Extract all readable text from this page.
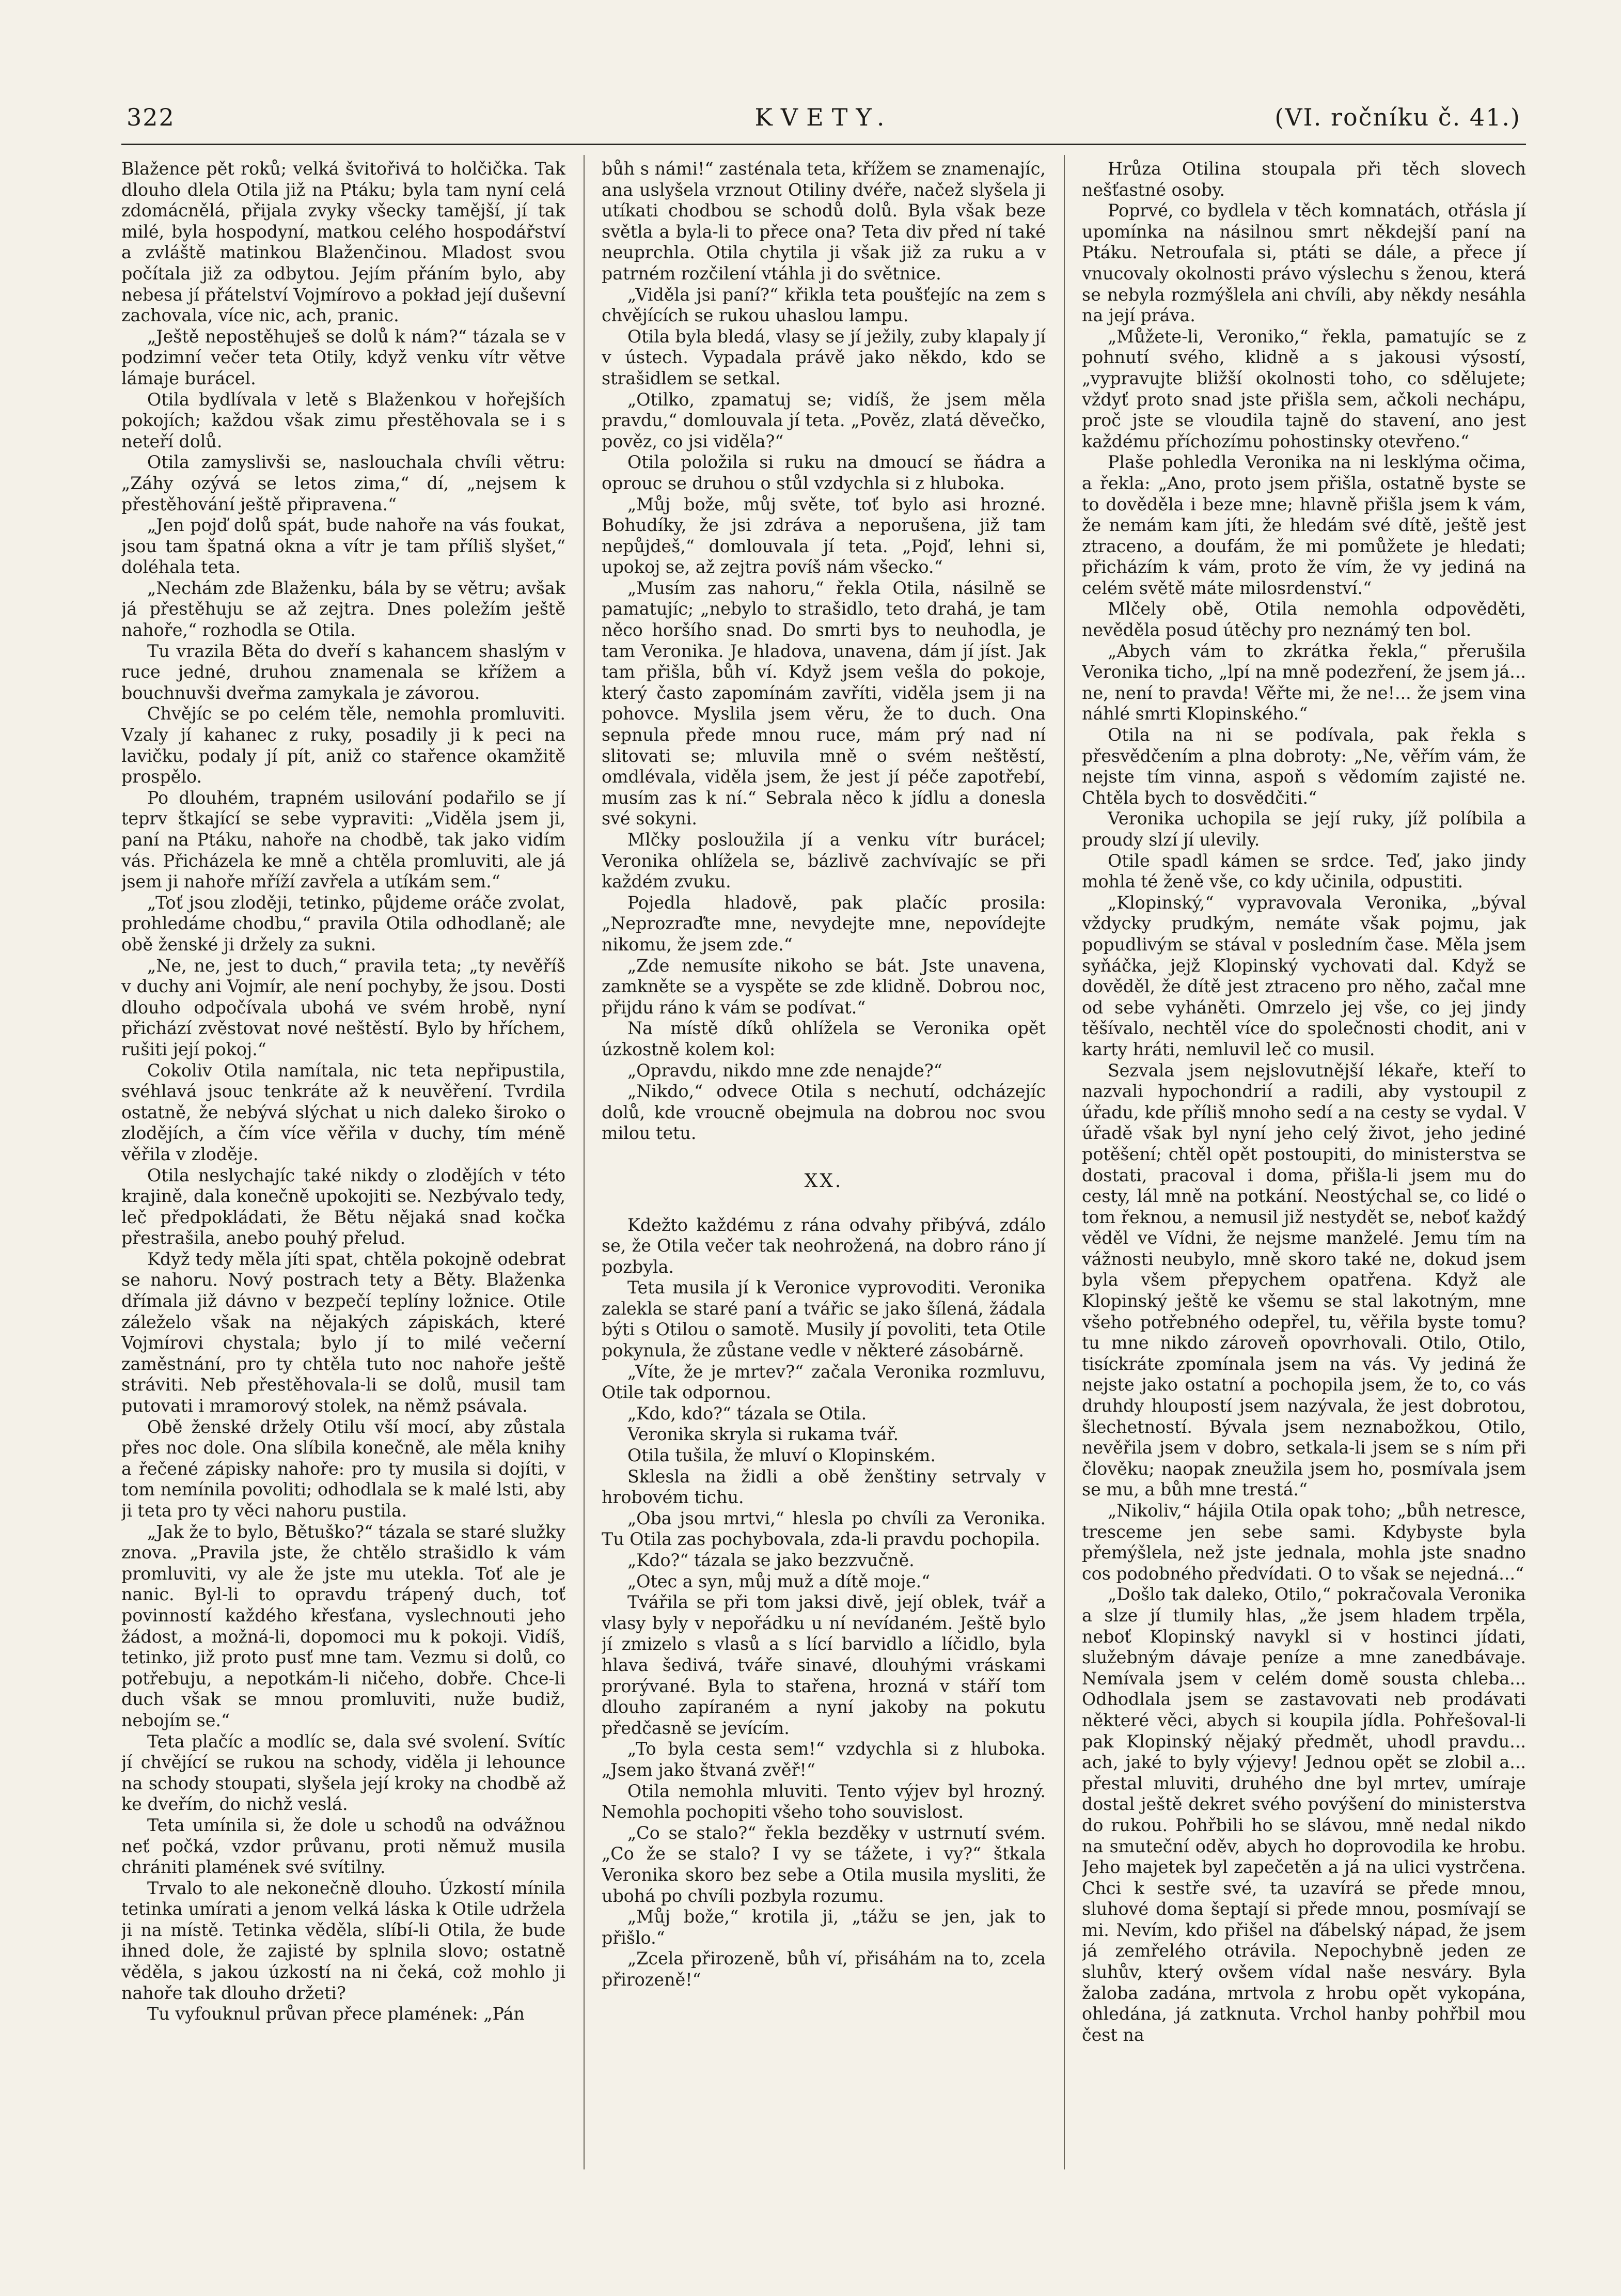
322	KVETY.	(VI. ročníku č. 41.)

Blažence pět roků; velká švitořivá to holčička. Tak dlouho dlela Otila již na Ptáku; byla tam nyní celá zdomácnělá, přijala zvyky všecky tamější, jí tak milé, byla hospodyní, matkou celého hospodářství a zvláště matinkou Blaženčinou. Mladost svou počítala již za odbytou. Jejím přáním bylo, aby nebesa jí přátelství Vojmírovo a pokład její duševní zachovala, více nic, ach, pranic.

„Ještě nepostěhuješ se dolů k nám?“ tázala se v podzimní večer teta Otily, když venku vítr větve lámaje burácel.

Otila bydlívala v letě s Blaženkou v hořejších pokojích; každou však zimu přestěhovala se i s neteří dolů.

Otila zamyslivši se, naslouchala chvíli větru: „Záhy ozývá se letos zima,“ dí, „nejsem k přestěhování ještě připravena.“

„Jen pojď dolů spát, bude nahoře na vás foukat, jsou tam špatná okna a vítr je tam příliš slyšet,“ doléhala teta.

„Nechám zde Blaženku, bála by se větru; avšak já přestěhuju se až zejtra. Dnes poležím ještě nahoře,“ rozhodla se Otila.

Tu vrazila Běta do dveří s kahancem shaslým v ruce jedné, druhou znamenala se křížem a bouchnuvši dveřma zamykala je závorou.

Chvějíc se po celém těle, nemohla promluviti. Vzaly jí kahanec z ruky, posadily ji k peci na lavičku, podaly jí pít, aniž co stařence okamžitě prospělo.

Po dlouhém, trapném usilování podařilo se jí teprv štkající se sebe vypraviti: „Viděla jsem ji, paní na Ptáku, nahoře na chodbě, tak jako vidím vás. Přicházela ke mně a chtěla promluviti, ale já jsem ji nahoře mříží zavřela a utíkám sem.“

„Toť jsou zloději, tetinko, půjdeme oráče zvolat, prohledáme chodbu,“ pravila Otila odhodlaně; ale obě ženské ji držely za sukni.

„Ne, ne, jest to duch,“ pravila teta; „ty nevěříš v duchy ani Vojmír, ale není pochyby, že jsou. Dosti dlouho odpočívala ubohá ve svém hrobě, nyní přichází zvěstovat nové neštěstí. Bylo by hříchem, rušiti její pokoj.“

Cokoliv Otila namítala, nic teta nepřipustila, svéhlavá jsouc tenkráte až k neuvěření. Tvrdila ostatně, že nebývá slýchat u nich daleko široko o zlodějích, a čím více věřila v duchy, tím méně věřila v zloděje.

Otila neslychajíc také nikdy o zlodějích v této krajině, dala konečně upokojiti se. Nezbývalo tedy, leč předpokládati, že Bětu nějaká snad kočka přestrašila, anebo pouhý přelud.

Když tedy měla jíti spat, chtěla pokojně odebrat se nahoru. Nový postrach tety a Běty. Blaženka dřímala již dávno v bezpečí teplíny ložnice. Otile záleželo však na nějakých zápiskách, které Vojmírovi chystala; bylo jí to milé večerní zaměstnání, pro ty chtěla tuto noc nahoře ještě stráviti. Neb přestěhovala-li se dolů, musil tam putovati i mramorový stolek, na němž psávala.

Obě ženské držely Otilu vší mocí, aby zůstala přes noc dole. Ona slíbila konečně, ale měla knihy a řečené zápisky nahoře: pro ty musila si dojíti, v tom nemínila povoliti; odhodlala se k malé lsti, aby ji teta pro ty věci nahoru pustila.

„Jak že to bylo, Bětuško?“ tázala se staré služky znova. „Pravila jste, že chtělo strašidlo k vám promluviti, vy ale že jste mu utekla. Toť ale je nanic. Byl-li to opravdu trápený duch, toť povinností každého křesťana, vyslechnouti jeho žádost, a možná-li, dopomoci mu k pokoji. Vidíš, tetinko, již proto pusť mne tam. Vezmu si dolů, co potřebuju, a nepotkám-li ničeho, dobře. Chce-li duch však se mnou promluviti, nuže budiž, nebojím se.“

Teta plačíc a modlíc se, dala své svolení. Svítíc jí chvějící se rukou na schody, viděla ji lehounce na schody stoupati, slyšela její kroky na chodbě až ke dveřím, do nichž veslá.

Teta umínila si, že dole u schodů na odvážnou neť počká, vzdor průvanu, proti němuž musila chrániti plamének své svítilny.

Trvalo to ale nekonečně dlouho. Úzkostí mínila tetinka umírati a jenom velká láska k Otile udržela ji na místě. Tetinka věděla, slíbí-li Otila, že bude ihned dole, že zajisté by splnila slovo; ostatně věděla, s jakou úzkostí na ni čeká, což mohlo ji nahoře tak dlouho držeti?

Tu vyfouknul průvan přece plamének: „Pán

bůh s námi!“ zasténala teta, křížem se znamenajíc, ana uslyšela vrznout Otiliny dvéře, načež slyšela ji utíkati chodbou se schodů dolů. Byla však beze světla a byla-li to přece ona? Teta div před ní také neuprchla. Otila chytila ji však již za ruku a v patrném rozčilení vtáhla ji do světnice.

„Viděla jsi paní?“ křikla teta poušťejíc na zem s chvějících se rukou uhaslou lampu.

Otila byla bledá, vlasy se jí ježily, zuby klapaly jí v ústech. Vypadala právě jako někdo, kdo se strašidlem se setkal.

„Otilko, zpamatuj se; vidíš, že jsem měla pravdu,“ domlouvala jí teta. „Pověz, zlatá děvečko, pověz, co jsi viděla?“

Otila položila si ruku na dmoucí se ňádra a oprouc se druhou o stůl vzdychla si z hluboka.

„Můj bože, můj světe, toť bylo asi hrozné. Bohudíky, že jsi zdráva a neporušena, již tam nepůjdeš,“ domlouvala jí teta. „Pojď, lehni si, upokoj se, až zejtra povíš nám všecko.“

„Musím zas nahoru,“ řekla Otila, násilně se pamatujíc; „nebylo to strašidlo, teto drahá, je tam něco horšího snad. Do smrti bys to neuhodla, je tam Veronika. Je hladova, unavena, dám jí jíst. Jak tam přišla, bůh ví. Když jsem vešla do pokoje, který často zapomínám zavříti, viděla jsem ji na pohovce. Myslila jsem věru, že to duch. Ona sepnula přede mnou ruce, mám prý nad ní slitovati se; mluvila mně o svém neštěstí, omdlévala, viděla jsem, že jest jí péče zapotřebí, musím zas k ní.“ Sebrala něco k jídlu a donesla své sokyni.

Mlčky posloužila jí a venku vítr burácel; Veronika ohlížela se, bázlivě zachvívajíc se při každém zvuku.

Pojedla hladově, pak plačíc prosila: „Neprozraďte mne, nevydejte mne, nepovídejte nikomu, že jsem zde.“

„Zde nemusíte nikoho se bát. Jste unavena, zamkněte se a vyspěte se zde klidně. Dobrou noc, přijdu ráno k vám se podívat.“

Na místě díků ohlížela se Veronika opět úzkostně kolem kol:

„Opravdu, nikdo mne zde nenajde?“

„Nikdo,“ odvece Otila s nechutí, odcházejíc dolů, kde vroucně obejmula na dobrou noc svou milou tetu.

XX.

Kdežto každému z rána odvahy přibývá, zdálo se, že Otila večer tak neohrožená, na dobro ráno jí pozbyla.

Teta musila jí k Veronice vyprovoditi. Veronika zalekla se staré paní a tvářic se jako šílená, žádala býti s Otilou o samotě. Musily jí povoliti, teta Otile pokynula, že zůstane vedle v některé zásobárně.

„Víte, že je mrtev?“ začala Veronika rozmluvu, Otile tak odpornou.

„Kdo, kdo?“ tázala se Otila.

Veronika skryla si rukama tvář.

Otila tušila, že mluví o Klopinském.

Sklesla na židli a obě ženštiny setrvaly v hrobovém tichu.

„Oba jsou mrtvi,“ hlesla po chvíli za Veronika. Tu Otila zas pochybovala, zda-li pravdu pochopila.

„Kdo?“ tázala se jako bezzvučně.

„Otec a syn, můj muž a dítě moje.“

Tvářila se při tom jaksi divě, její oblek, tvář a vlasy byly v nepořádku u ní nevídaném. Ještě bylo jí zmizelo s vlasů a s lící barvidlo a líčidlo, byla hlava šedivá, tváře sinavé, dlouhými vráskami prorývané. Byla to stařena, hrozná v stáří tom dlouho zapíraném a nyní jakoby na pokutu předčasně se jevícím.

„To byla cesta sem!“ vzdychla si z hluboka. „Jsem jako štvaná zvěř!“

Otila nemohla mluviti. Tento výjev byl hrozný. Nemohla pochopiti všeho toho souvislost.

„Co se stalo?“ řekla bezděky v ustrnutí svém. „Co že se stalo? I vy se tážete, i vy?“ štkala Veronika skoro bez sebe a Otila musila mysliti, že ubohá po chvíli pozbyla rozumu.

„Můj bože,“ krotila ji, „tážu se jen, jak to přišlo.“

„Zcela přirozeně, bůh ví, přisáhám na to, zcela přirozeně!“

Hrůza Otilina stoupala při těch slovech nešťastné osoby.

Poprvé, co bydlela v těch komnatách, otřásla jí upomínka na násilnou smrt někdejší paní na Ptáku. Netroufala si, ptáti se dále, a přece jí vnucovaly okolnosti právo výslechu s ženou, která se nebyla rozmýšlela ani chvíli, aby někdy nesáhla na její práva.

„Můžete-li, Veroniko,“ řekla, pamatujíc se z pohnutí svého, klidně a s jakousi výsostí, „vypravujte bližší okolnosti toho, co sdělujete; vždyť proto snad jste přišla sem, ačkoli nechápu, proč jste se vloudila tajně do stavení, ano jest každému příchozímu pohostinsky otevřeno.“

Plaše pohledla Veronika na ni lesklýma očima, a řekla: „Ano, proto jsem přišla, ostatně byste se to dověděla i beze mne; hlavně přišla jsem k vám, že nemám kam jíti, že hledám své dítě, ještě jest ztraceno, a doufám, že mi pomůžete je hledati; přicházím k vám, proto že vím, že vy jediná na celém světě máte milosrdenství.“

Mlčely obě, Otila nemohla odpověděti, nevěděla posud útěchy pro neznámý ten bol.

„Abych vám to zkrátka řekla,“ přerušila Veronika ticho, „lpí na mně podezření, že jsem já... ne, není to pravda! Věřte mi, že ne!... že jsem vina náhlé smrti Klopinského.“

Otila na ni se podívala, pak řekla s přesvědčením a plna dobroty: „Ne, věřím vám, že nejste tím vinna, aspoň s vědomím zajisté ne. Chtěla bych to dosvědčiti.“

Veronika uchopila se její ruky, jíž políbila a proudy slzí jí ulevily.

Otile spadl kámen se srdce. Teď, jako jindy mohla té ženě vše, co kdy učinila, odpustiti.

„Klopinský,“ vypravovala Veronika, „býval vždycky prudkým, nemáte však pojmu, jak popudlivým se stával v posledním čase. Měla jsem syňáčka, jejž Klopinský vychovati dal. Když se dověděl, že dítě jest ztraceno pro něho, začal mne od sebe vyháněti. Omrzelo jej vše, co jej jindy těšívalo, nechtěl více do společnosti chodit, ani v karty hráti, nemluvil leč co musil.

Sezvala jsem nejslovutnější lékaře, kteří to nazvali hypochondrií a radili, aby vystoupil z úřadu, kde příliš mnoho sedí a na cesty se vydal. V úřadě však byl nyní jeho celý život, jeho jediné potěšení; chtěl opět postoupiti, do ministerstva se dostati, pracoval i doma, přišla-li jsem mu do cesty, lál mně na potkání. Neostýchal se, co lidé o tom řeknou, a nemusil již nestydět se, neboť každý věděl ve Vídni, že nejsme manželé. Jemu tím na vážnosti neubylo, mně skoro také ne, dokud jsem byla všem přepychem opatřena. Když ale Klopinský ještě ke všemu se stal lakotným, mne všeho potřebného odepřel, tu, věřila byste tomu? tu mne nikdo zároveň opovrhovali. Otilo, Otilo, tisíckráte zpomínala jsem na vás. Vy jediná že nejste jako ostatní a pochopila jsem, že to, co vás druhdy hloupostí jsem nazývala, že jest dobrotou, šlechetností. Bývala jsem neznabožkou, Otilo, nevěřila jsem v dobro, setkala-li jsem se s ním při člověku; naopak zneužila jsem ho, posmívala jsem se mu, a bůh mne trestá.“

„Nikoliv,“ hájila Otila opak toho; „bůh netresce, tresceme jen sebe sami. Kdybyste byla přemýšlela, než jste jednala, mohla jste snadno cos podobného předvídati. O to však se nejedná...“

„Došlo tak daleko, Otilo,“ pokračovala Veronika a slze jí tlumily hlas, „že jsem hladem trpěla, neboť Klopinský navykl si v hostinci jídati, služebným dávaje peníze a mne zanedbávaje. Nemívala jsem v celém domě sousta chleba... Odhodlala jsem se zastavovati neb prodávati některé věci, abych si koupila jídla. Pohřešoval-li pak Klopinský nějaký předmět, uhodl pravdu... ach, jaké to byly výjevy! Jednou opět se zlobil a... přestal mluviti, druhého dne byl mrtev, umíraje dostal ještě dekret svého povýšení do ministerstva do rukou. Pohřbili ho se slávou, mně nedal nikdo na smuteční oděv, abych ho doprovodila ke hrobu. Jeho majetek byl zapečetěn a já na ulici vystrčena. Chci k sestře své, ta uzavírá se přede mnou, sluhové doma šeptají si přede mnou, posmívají se mi. Nevím, kdo přišel na ďábelský nápad, že jsem já zemřelého otrávila. Nepochybně jeden ze sluhův, který ovšem vídal naše nesváry. Byla žaloba zadána, mrtvola z hrobu opět vykopána, ohledána, já zatknuta. Vrchol hanby pohřbil mou čest na
